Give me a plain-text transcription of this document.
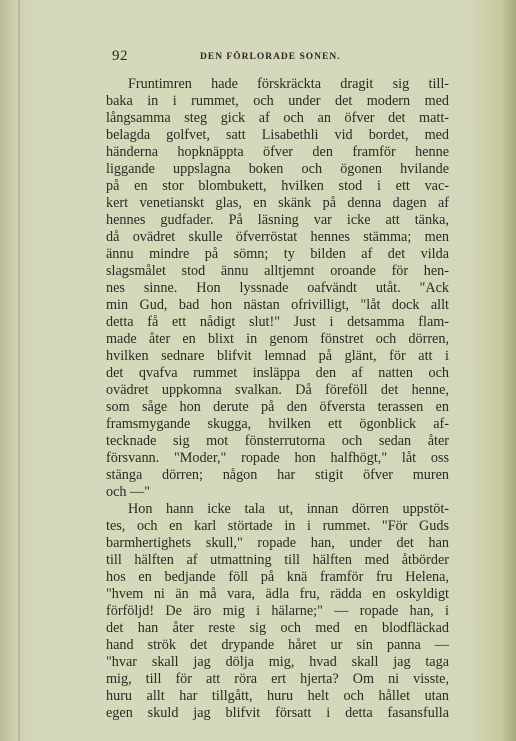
92	DEN FÖRLORADE SONEN.
Fruntimren hade förskräckta dragit sig till-
baka in i rummet, och under det modern med
långsamma steg gick af och an öfver det matt-
belagda golfvet, satt Lisabethli vid bordet, med
händerna hopknäppta öfver den framför henne
liggande uppslagna boken och ögonen hvilande
på en stor blombukett, hvilken stod i ett vac-
kert venetianskt glas, en skänk på denna dagen af
hennes gudfader. På läsning var icke att tänka,
då ovädret skulle öfverröstat hennes stämma; men
ännu mindre på sömn; ty bilden af det vilda
slagsmålet stod ännu alltjemnt oroande för hen-
nes sinne. Hon lyssnade oafvändt utåt. "Ack
min Gud, bad hon nästan ofrivilligt, "låt dock allt
detta få ett nådigt slut!" Just i detsamma flam-
made åter en blixt in genom fönstret och dörren,
hvilken sednare blifvit lemnad på glänt, för att i
det qvafva rummet insläppa den af natten och
ovädret uppkomna svalkan. Då föreföll det henne,
som såge hon derute på den öfversta terassen en
framsmygande skugga, hvilken ett ögonblick af-
tecknade sig mot fönsterrutorna och sedan åter
försvann. "Moder," ropade hon halfhögt," låt oss
stänga dörren; någon har stigit öfver muren
och —"
Hon hann icke tala ut, innan dörren uppstöt-
tes, och en karl störtade in i rummet. "För Guds
barmhertighets skull," ropade han, under det han
till hälften af utmattning till hälften med åtbörder
hos en bedjande föll på knä framför fru Helena,
"hvem ni än må vara, ädla fru, rädda en oskyldigt
förföljd! De äro mig i hälarne;" — ropade han, i
det han åter reste sig och med en blodfläckad
hand strök det drypande håret ur sin panna —
"hvar skall jag dölja mig, hvad skall jag taga
mig, till för att röra ert hjerta? Om ni visste,
huru allt har tillgått, huru helt och hållet utan
egen skuld jag blifvit försatt i detta fasansfulla
